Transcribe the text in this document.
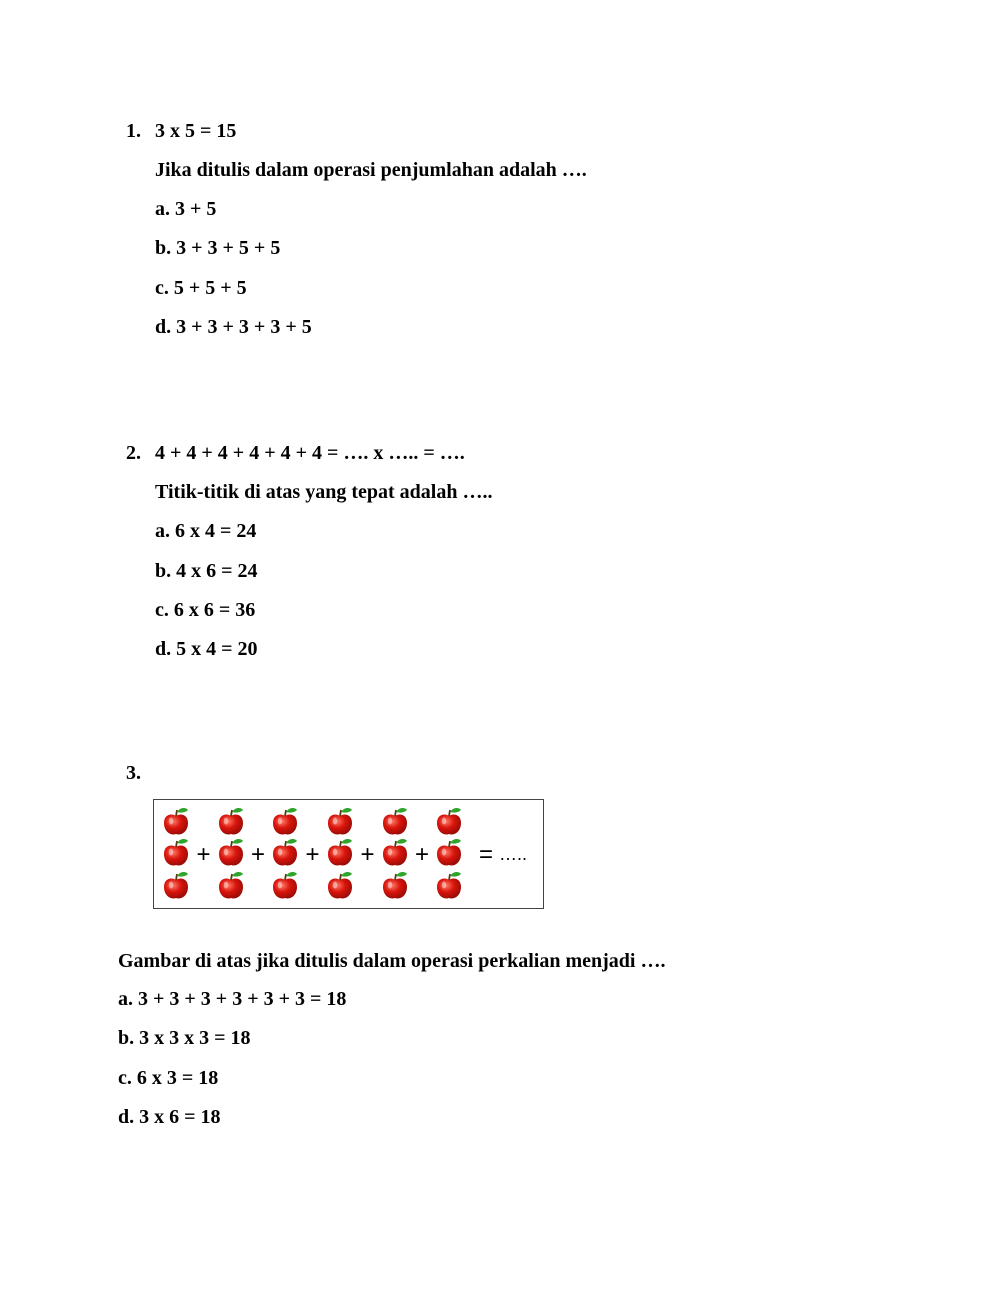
1. 3 x 5 = 15
Jika ditulis dalam operasi penjumlahan adalah ….
a. 3 + 5
b. 3 + 3 + 5 + 5
c. 5 + 5 + 5
d. 3 + 3 + 3 + 3 + 5
2. 4 + 4 + 4 + 4 + 4 + 4 = …. x ….. = ….
Titik-titik di atas yang tepat adalah …..
a. 6 x 4 = 24
b. 4 x 6 = 24
c. 6 x 6 = 36
d. 5 x 4 = 20
3.
+ + + + + = …..
Gambar di atas jika ditulis dalam operasi perkalian menjadi ….
a. 3 + 3 + 3 + 3 + 3 + 3 = 18
b. 3 x 3 x 3 = 18
c. 6 x 3 = 18
d. 3 x 6 = 18
